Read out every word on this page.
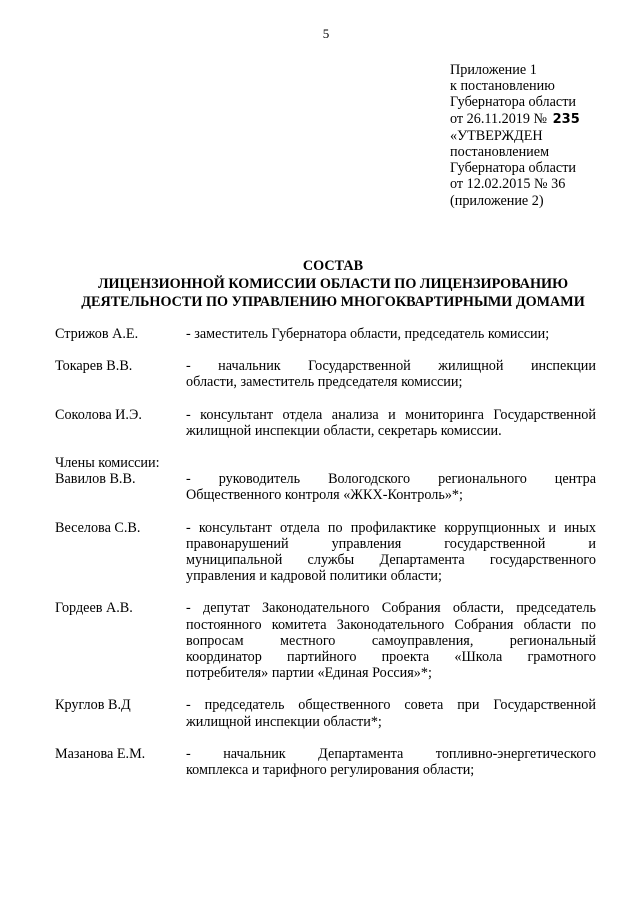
5
Приложение 1
к постановлению
Губернатора области
от 26.11.2019 № 235
«УТВЕРЖДЕН
постановлением
Губернатора области
от 12.02.2015 № 36
(приложение 2)
СОСТАВ
ЛИЦЕНЗИОННОЙ КОМИССИИ ОБЛАСТИ ПО ЛИЦЕНЗИРОВАНИЮ
ДЕЯТЕЛЬНОСТИ ПО УПРАВЛЕНИЮ МНОГОКВАРТИРНЫМИ ДОМАМИ
Стрижов А.Е.	- заместитель Губернатора области, председатель комиссии;
Токарев В.В.	- начальник Государственной жилищной инспекции
области, заместитель председателя комиссии;
Соколова И.Э.	- консультант отдела анализа и мониторинга Государственной
жилищной инспекции области, секретарь комиссии.
Члены комиссии:
Вавилов В.В.	- руководитель Вологодского регионального центра
Общественного контроля «ЖКХ-Контроль»*;
Веселова С.В.	- консультант отдела по профилактике коррупционных и иных
правонарушений управления государственной и
муниципальной службы Департамента государственного
управления и кадровой политики области;
Гордеев А.В.	- депутат Законодательного Собрания области, председатель
постоянного комитета Законодательного Собрания области по
вопросам местного самоуправления, региональный
координатор партийного проекта «Школа грамотного
потребителя» партии «Единая Россия»*;
Круглов В.Д	- председатель общественного совета при Государственной
жилищной инспекции области*;
Мазанова Е.М.	- начальник Департамента топливно-энергетического
комплекса и тарифного регулирования области;
